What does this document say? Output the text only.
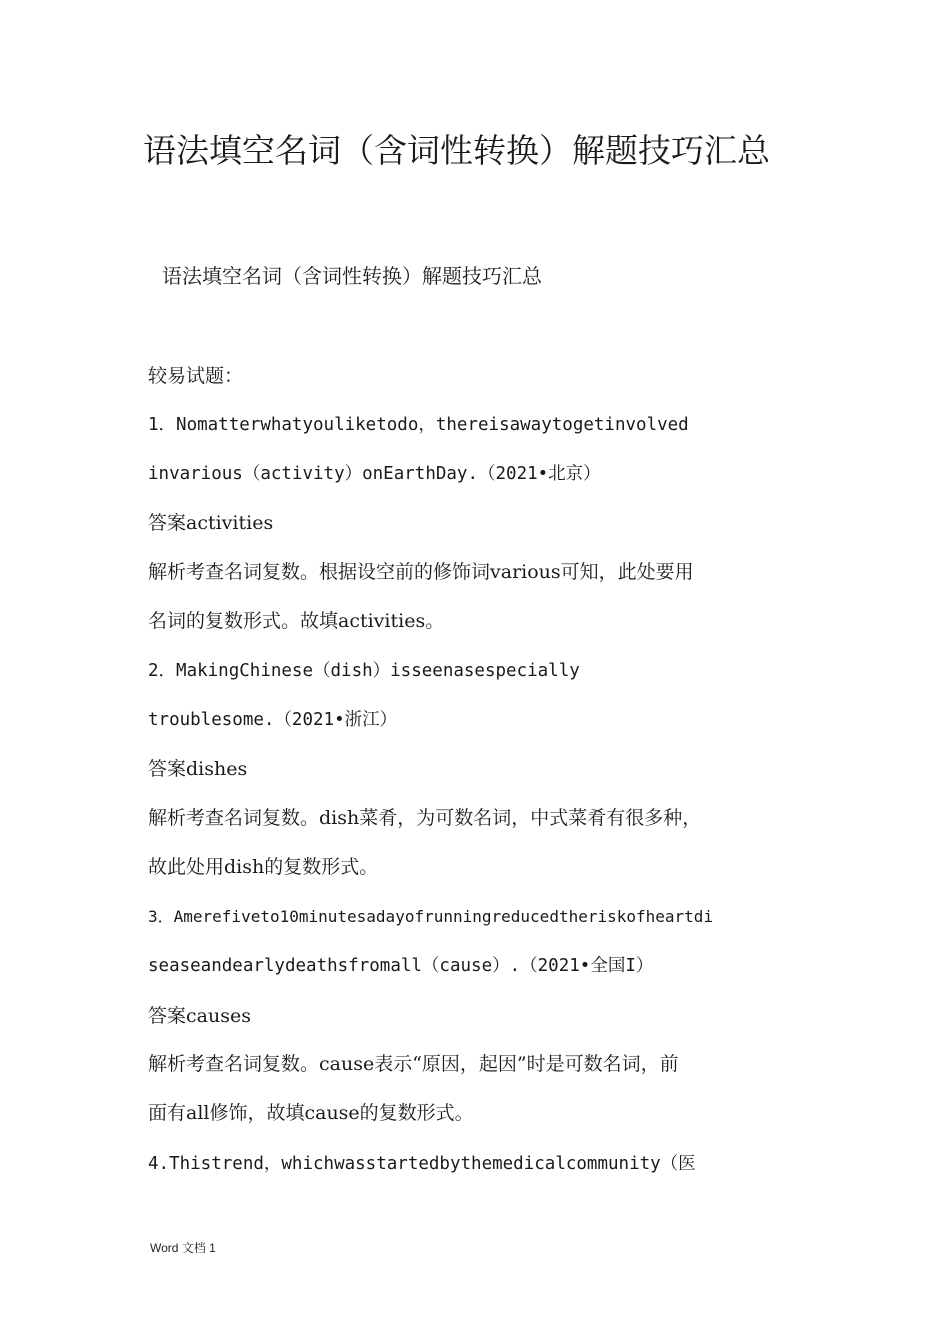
语法填空名词（含词性转换）解题技巧汇总

语法填空名词（含词性转换）解题技巧汇总

较易试题：

1．Nomatterwhatyouliketodo，thereisawaytogetinvolved

invarious（activity）onEarthDay.（2021•北京）

答案activities

解析考查名词复数。根据设空前的修饰词various可知，此处要用

名词的复数形式。故填activities。

2．MakingChinese（dish）isseenasespecially

troublesome.（2021•浙江）

答案dishes

解析考查名词复数。dish菜肴，为可数名词，中式菜肴有很多种，

故此处用dish的复数形式。

3．Amerefiveto10minutesadayofrunningreducedtheriskofheartdi

seaseandearlydeathsfromall（cause）.（2021•全国I）

答案causes

解析考查名词复数。cause表示“原因，起因”时是可数名词，前

面有all修饰，故填cause的复数形式。

4.Thistrend，whichwasstartedbythemedicalcommunity（医

Word 文档 1
